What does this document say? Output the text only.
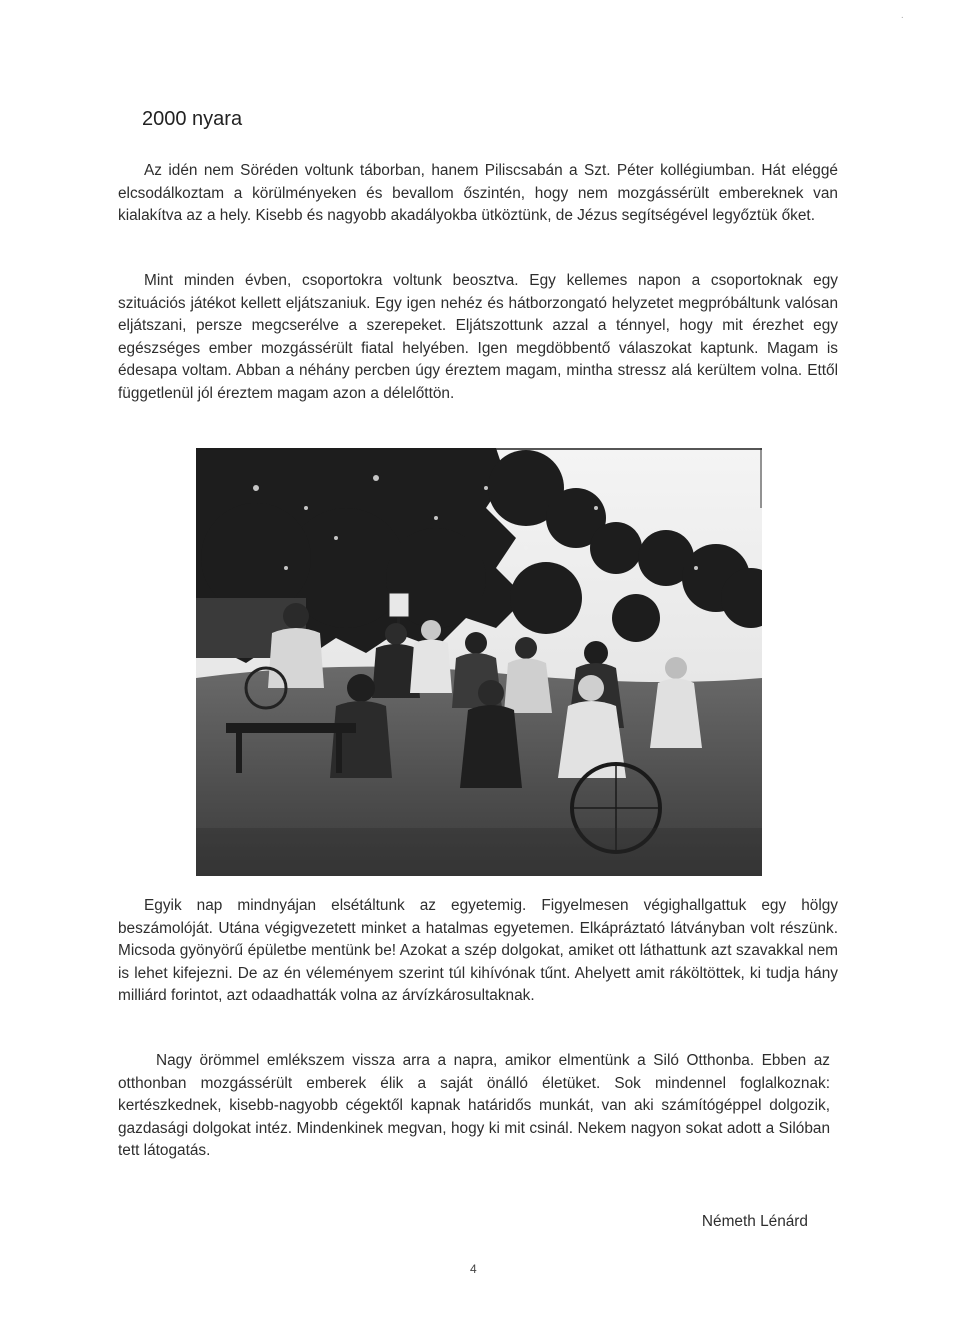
·
2000 nyara

Az idén nem Söréden voltunk táborban, hanem Piliscsabán a Szt. Péter kollégiumban. Hát eléggé elcsodálkoztam a körülményeken és bevallom őszintén, hogy nem mozgássérült embereknek van kialakítva az a hely. Kisebb és nagyobb akadályokba ütköztünk, de Jézus segítségével legyőztük őket.

Mint minden évben, csoportokra voltunk beosztva. Egy kellemes napon a csoportoknak egy szituációs játékot kellett eljátszaniuk. Egy igen nehéz és hátborzongató helyzetet megpróbáltunk valósan eljátszani, persze megcserélve a szerepeket. Eljátszottunk azzal a ténnyel, hogy mit érezhet egy egészséges ember mozgássérült fiatal helyében. Igen megdöbbentő válaszokat kaptunk. Magam is édesapa voltam. Abban a néhány percben úgy éreztem magam, mintha stressz alá kerültem volna. Ettől függetlenül jól éreztem magam azon a délelőttön.

Egyik nap mindnyájan elsétáltunk az egyetemig. Figyelmesen végighallgattuk egy hölgy beszámolóját. Utána végigvezetett minket a hatalmas egyetemen. Elkápráztató látványban volt részünk. Micsoda gyönyörű épületbe mentünk be! Azokat a szép dolgokat, amiket ott láthattunk azt szavakkal nem is lehet kifejezni. De az én véleményem szerint túl kihívónak tűnt. Ahelyett amit ráköltöttek, ki tudja hány milliárd forintot, azt odaadhatták volna az árvízkárosultaknak.

Nagy örömmel emlékszem vissza arra a napra, amikor elmentünk a Siló Otthonba. Ebben az otthonban mozgássérült emberek élik a saját önálló életüket. Sok mindennel foglalkoznak: kertészkednek, kisebb-nagyobb cégektől kapnak határidős munkát, van aki számítógéppel dolgozik, gazdasági dolgokat intéz. Mindenkinek megvan, hogy ki mit csinál. Nekem nagyon sokat adott a Silóban tett látogatás.

Németh Lénárd

4
